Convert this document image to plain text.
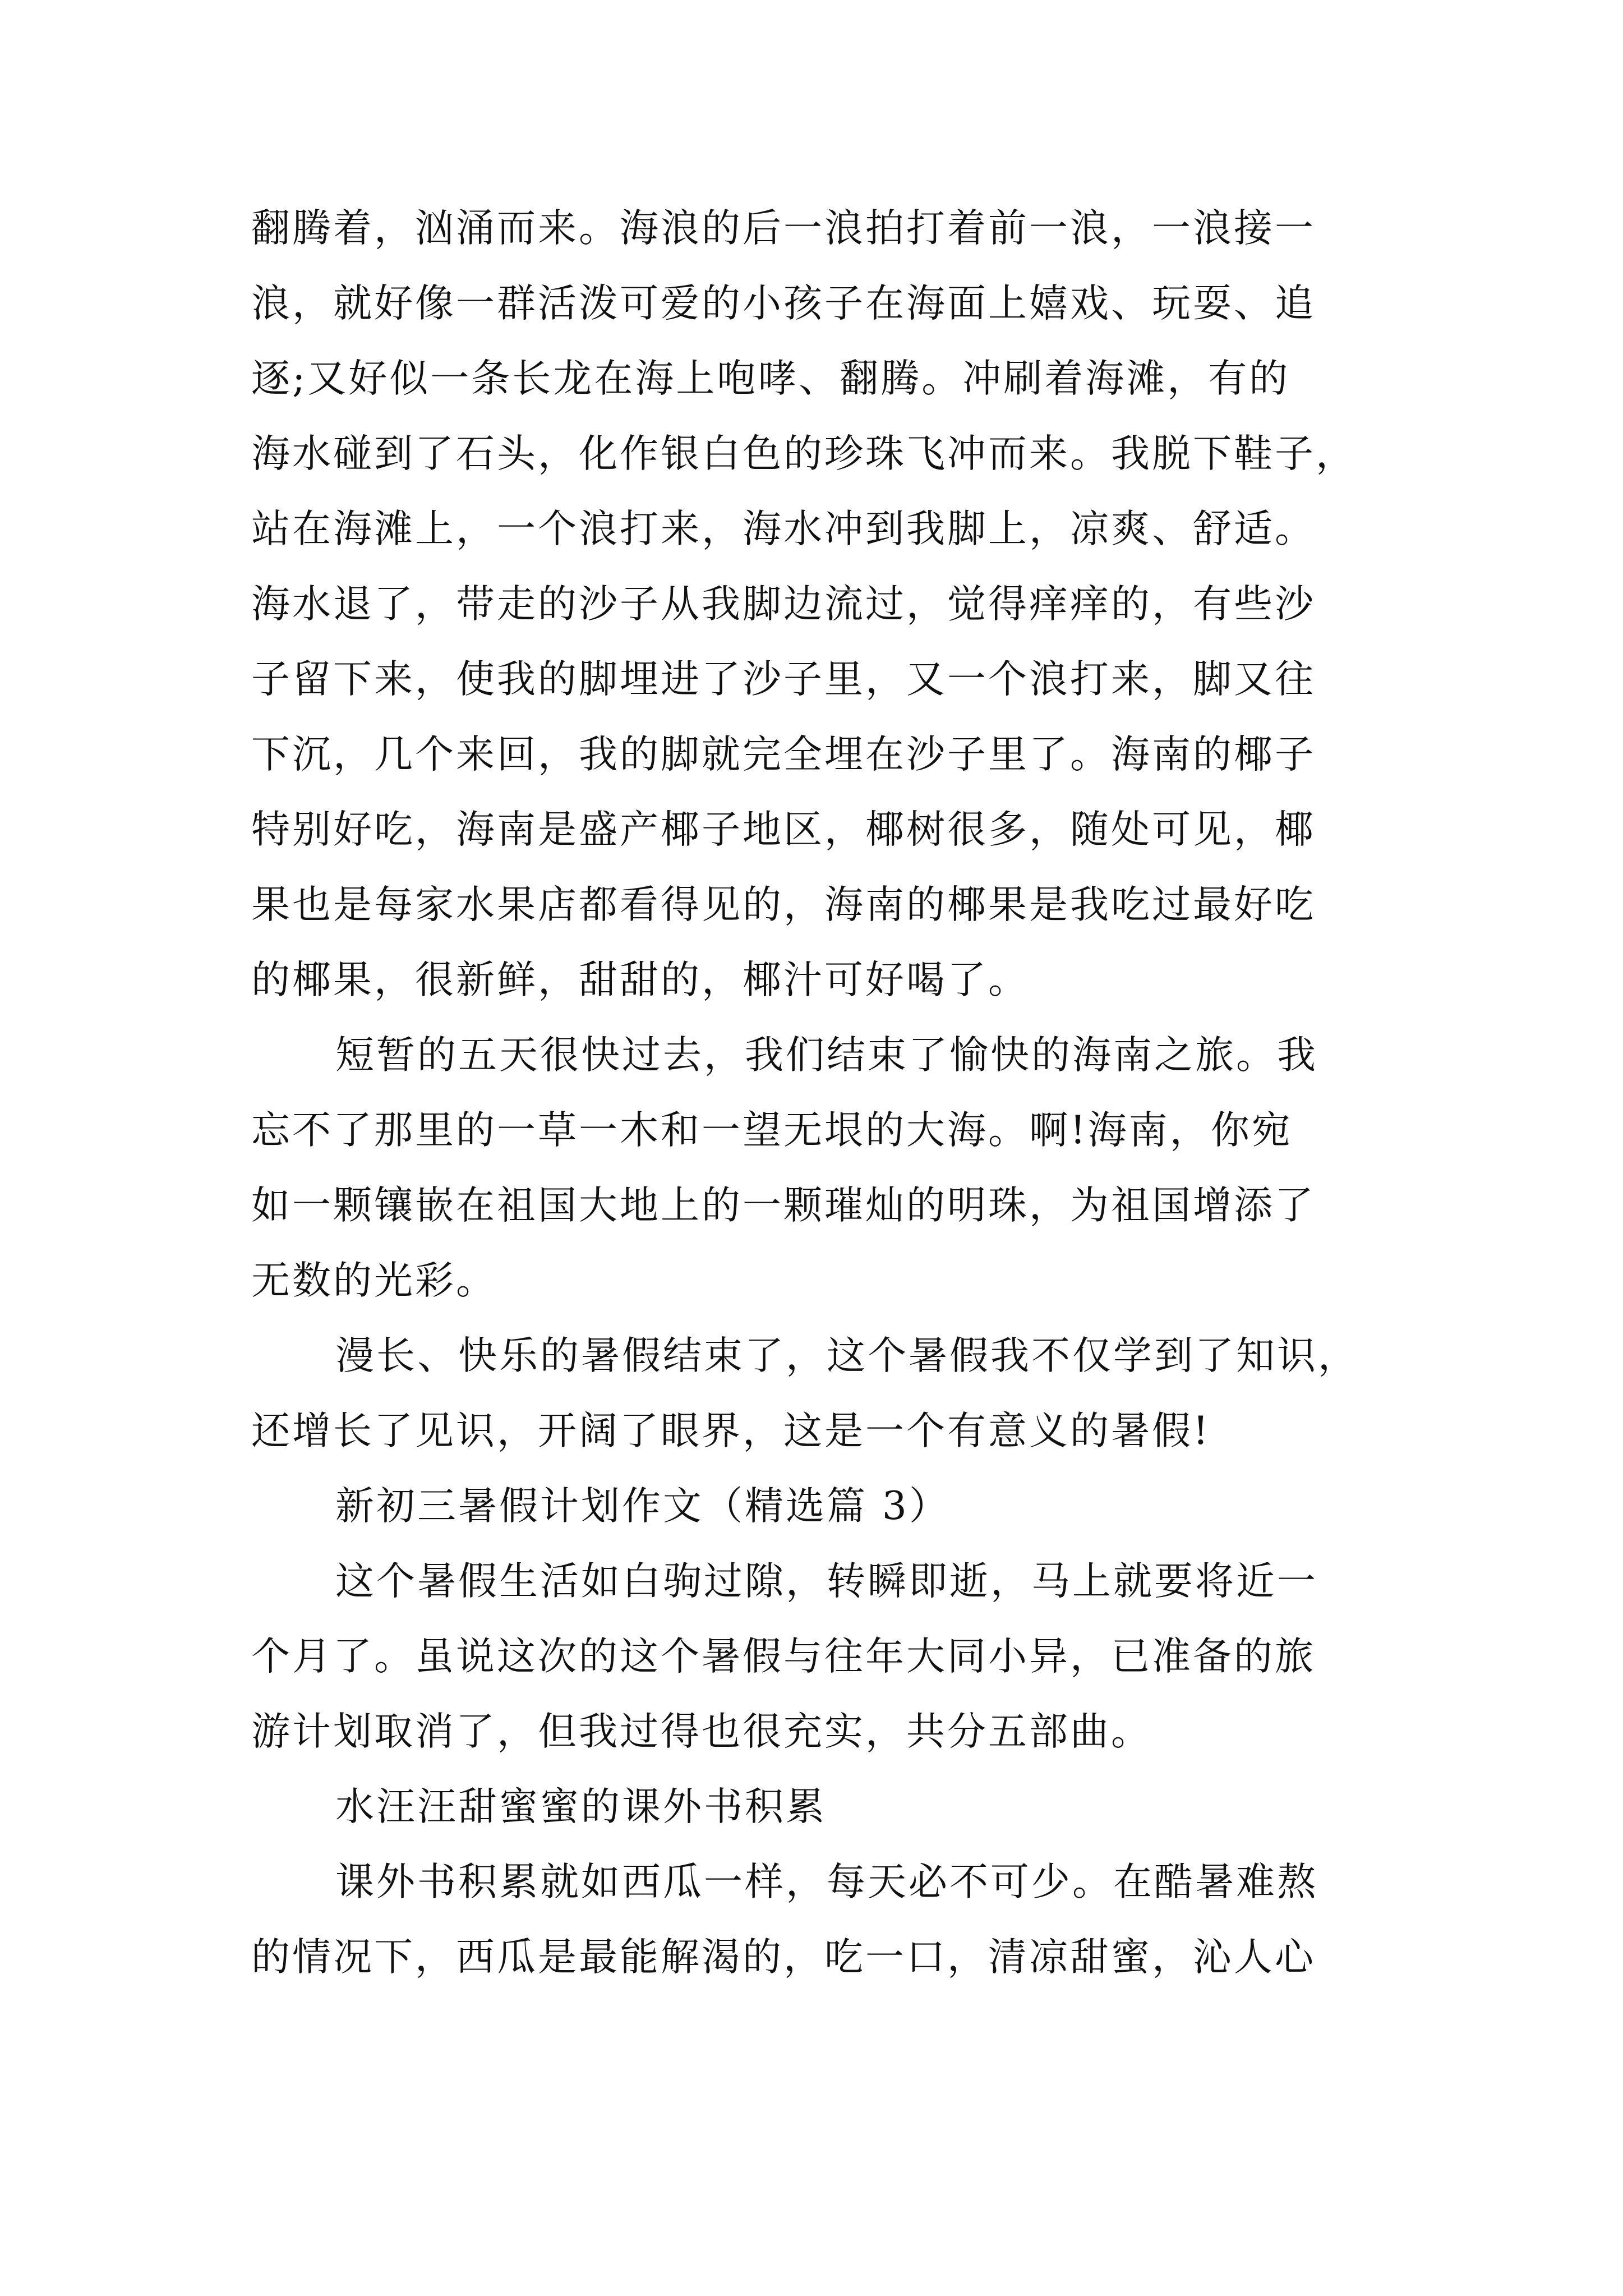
翻腾着，汹涌而来。海浪的后一浪拍打着前一浪，一浪接一
浪，就好像一群活泼可爱的小孩子在海面上嬉戏、玩耍、追
逐;又好似一条长龙在海上咆哮、翻腾。冲刷着海滩，有的
海水碰到了石头，化作银白色的珍珠飞冲而来。我脱下鞋子，
站在海滩上，一个浪打来，海水冲到我脚上，凉爽、舒适。
海水退了，带走的沙子从我脚边流过，觉得痒痒的，有些沙
子留下来，使我的脚埋进了沙子里，又一个浪打来，脚又往
下沉，几个来回，我的脚就完全埋在沙子里了。海南的椰子
特别好吃，海南是盛产椰子地区，椰树很多，随处可见，椰
果也是每家水果店都看得见的，海南的椰果是我吃过最好吃
的椰果，很新鲜，甜甜的，椰汁可好喝了。
短暂的五天很快过去，我们结束了愉快的海南之旅。我
忘不了那里的一草一木和一望无垠的大海。啊!海南，你宛
如一颗镶嵌在祖国大地上的一颗璀灿的明珠，为祖国增添了
无数的光彩。
漫长、快乐的暑假结束了，这个暑假我不仅学到了知识，
还增长了见识，开阔了眼界，这是一个有意义的暑假!
新初三暑假计划作文（精选篇 3）
这个暑假生活如白驹过隙，转瞬即逝，马上就要将近一
个月了。虽说这次的这个暑假与往年大同小异，已准备的旅
游计划取消了，但我过得也很充实，共分五部曲。
水汪汪甜蜜蜜的课外书积累
课外书积累就如西瓜一样，每天必不可少。在酷暑难熬
的情况下，西瓜是最能解渴的，吃一口，清凉甜蜜，沁人心
